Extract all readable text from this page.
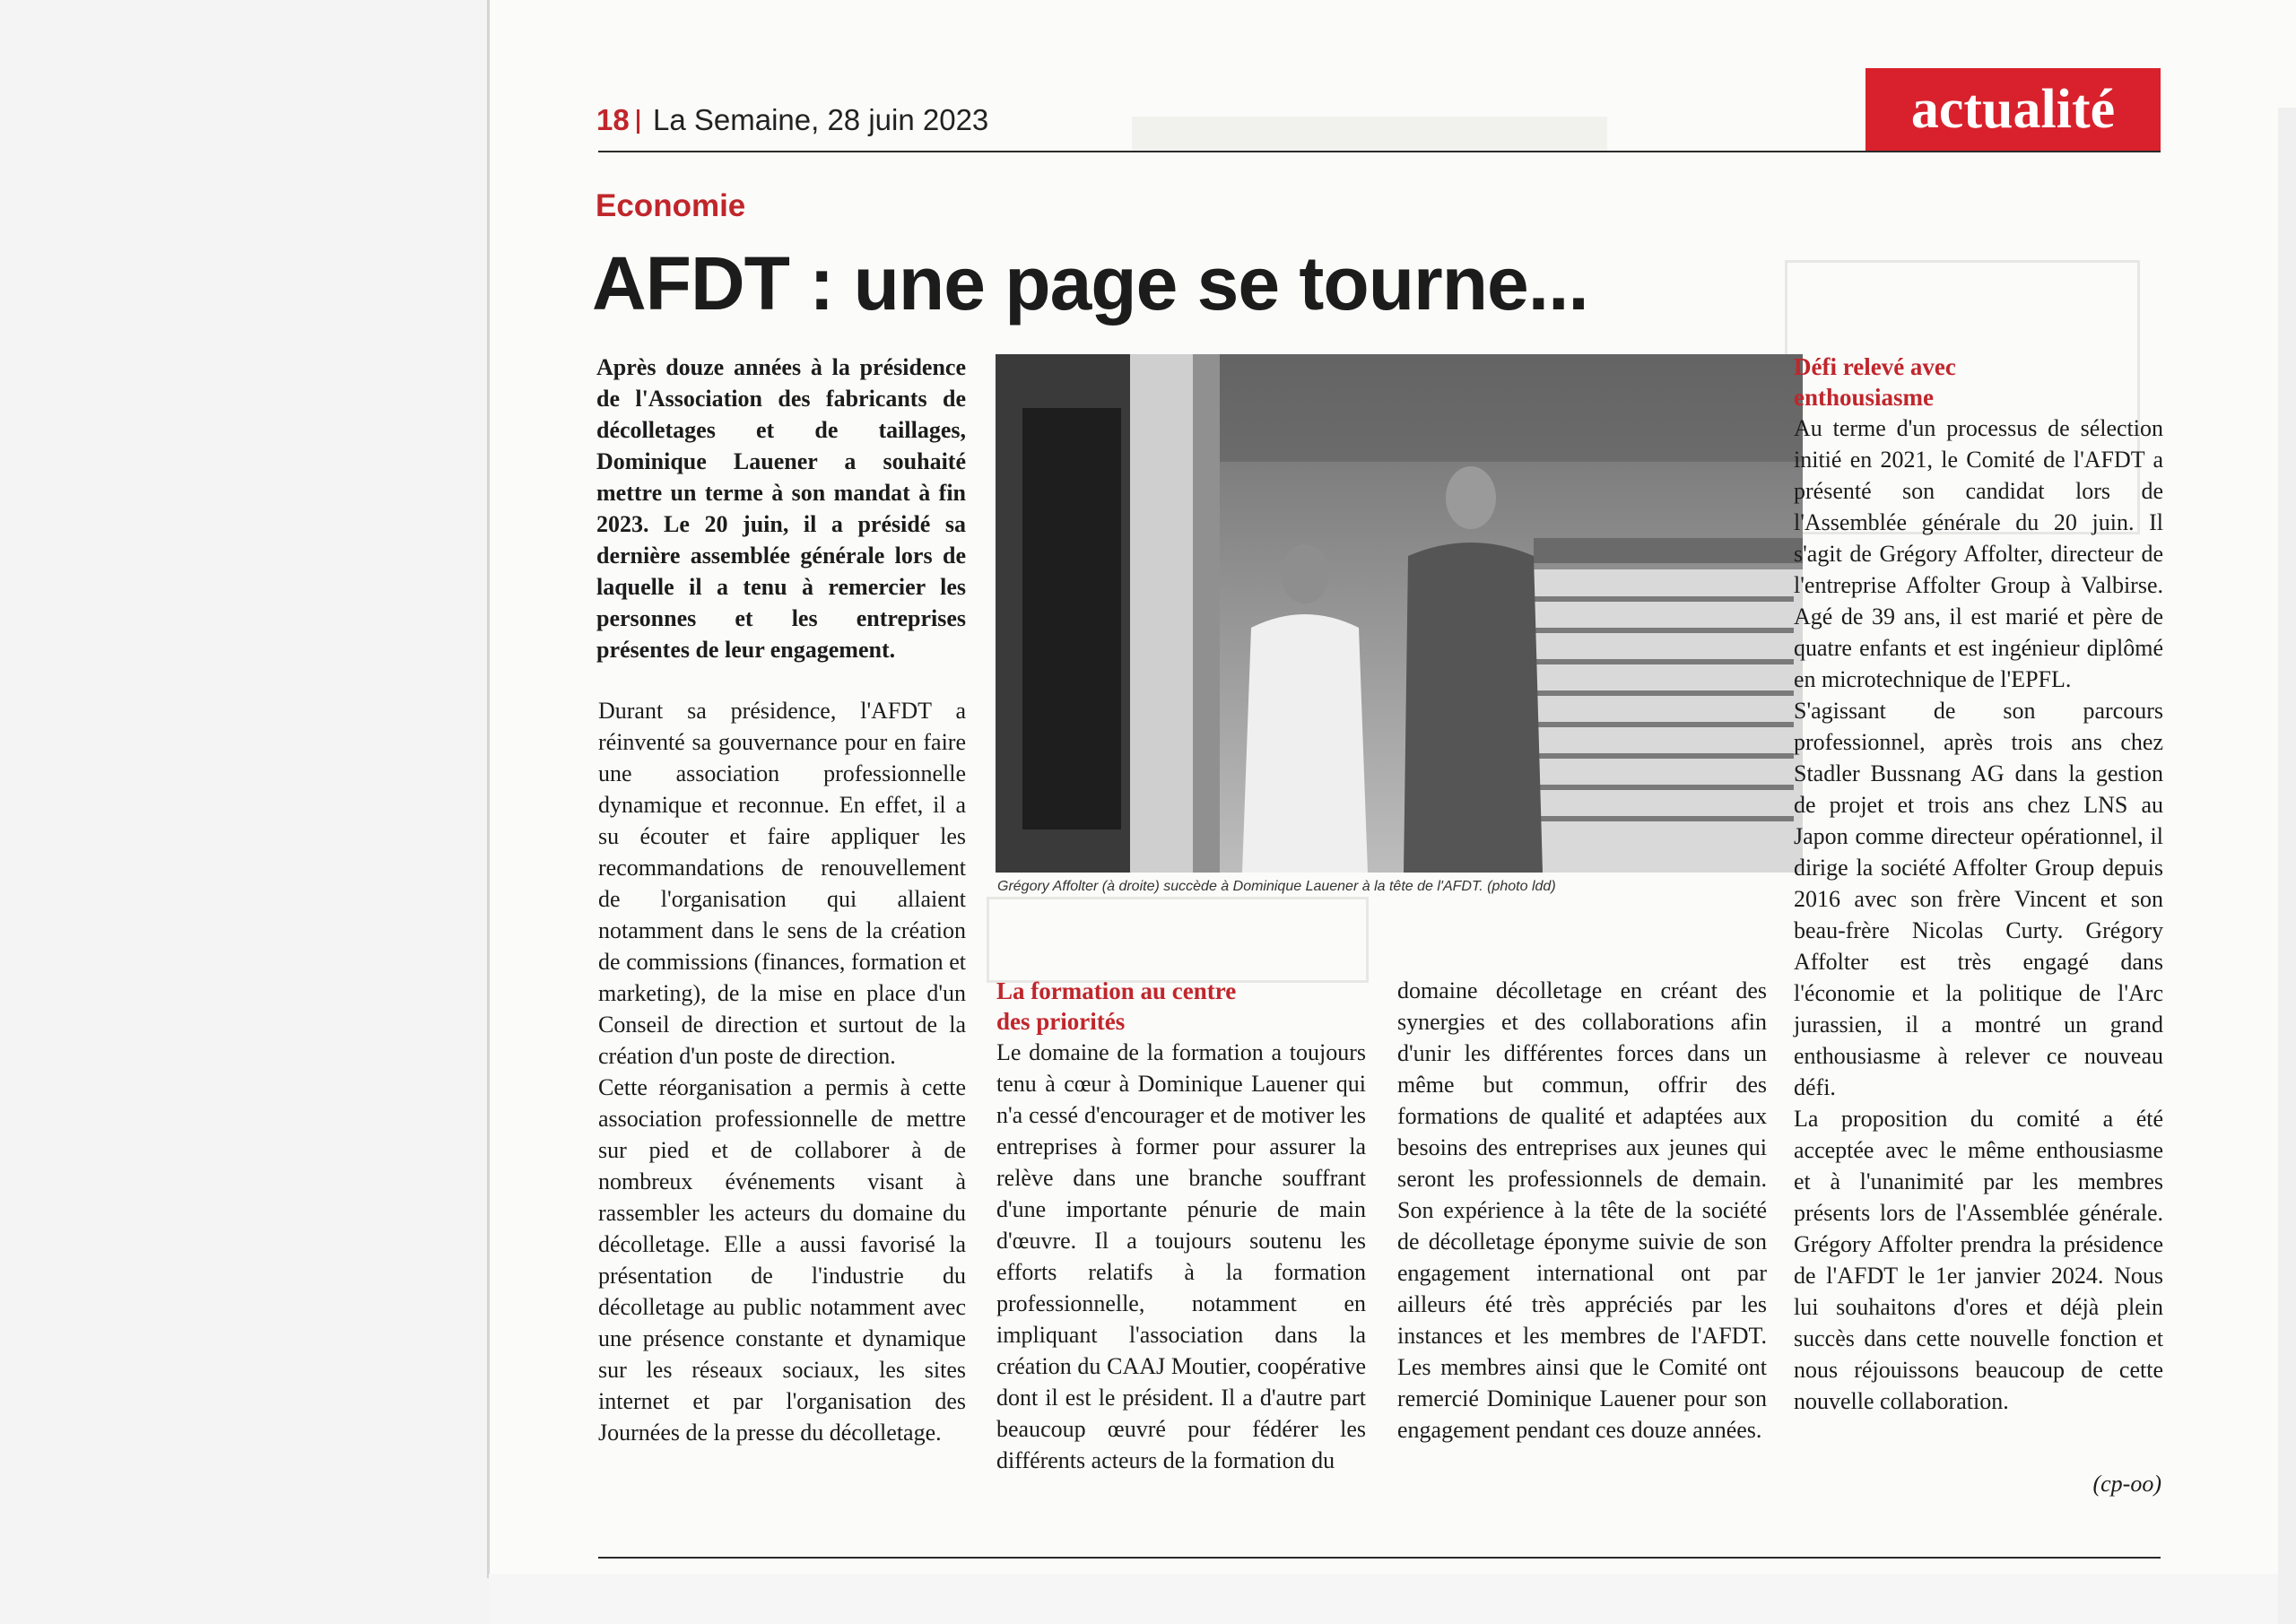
18 La Semaine, 28 juin 2023	actualité
Economie
AFDT : une page se tourne...
Après douze années à la présidence de l'Association des fabricants de décolletages et de taillages, Dominique Lauener a souhaité mettre un terme à son mandat à fin 2023. Le 20 juin, il a présidé sa dernière assemblée générale lors de laquelle il a tenu à remercier les personnes et les entreprises présentes de leur engagement.
Durant sa présidence, l'AFDT a réinventé sa gouvernance pour en faire une association professionnelle dynamique et reconnue. En effet, il a su écouter et faire appliquer les recommandations de renouvellement de l'organisation qui allaient notamment dans le sens de la création de commissions (finances, formation et marketing), de la mise en place d'un Conseil de direction et surtout de la création d'un poste de direction.
Cette réorganisation a permis à cette association professionnelle de mettre sur pied et de collaborer à de nombreux événements visant à rassembler les acteurs du domaine du décolletage. Elle a aussi favorisé la présentation de l'industrie du décolletage au public notamment avec une présence constante et dynamique sur les réseaux sociaux, les sites internet et par l'organisation des Journées de la presse du décolletage.
Grégory Affolter (à droite) succède à Dominique Lauener à la tête de l'AFDT. (photo ldd)
La formation au centre des priorités
Le domaine de la formation a toujours tenu à cœur à Dominique Lauener qui n'a cessé d'encourager et de motiver les entreprises à former pour assurer la relève dans une branche souffrant d'une importante pénurie de main d'œuvre. Il a toujours soutenu les efforts relatifs à la formation professionnelle, notamment en impliquant l'association dans la création du CAAJ Moutier, coopérative dont il est le président. Il a d'autre part beaucoup œuvré pour fédérer les différents acteurs de la formation du
domaine décolletage en créant des synergies et des collaborations afin d'unir les différentes forces dans un même but commun, offrir des formations de qualité et adaptées aux besoins des entreprises aux jeunes qui seront les professionnels de demain. Son expérience à la tête de la société de décolletage éponyme suivie de son engagement international ont par ailleurs été très appréciés par les instances et les membres de l'AFDT. Les membres ainsi que le Comité ont remercié Dominique Lauener pour son engagement pendant ces douze années.
Défi relevé avec enthousiasme
Au terme d'un processus de sélection initié en 2021, le Comité de l'AFDT a présenté son candidat lors de l'Assemblée générale du 20 juin. Il s'agit de Grégory Affolter, directeur de l'entreprise Affolter Group à Valbirse. Agé de 39 ans, il est marié et père de quatre enfants et est ingénieur diplômé en microtechnique de l'EPFL.
S'agissant de son parcours professionnel, après trois ans chez Stadler Bussnang AG dans la gestion de projet et trois ans chez LNS au Japon comme directeur opérationnel, il dirige la société Affolter Group depuis 2016 avec son frère Vincent et son beau-frère Nicolas Curty. Grégory Affolter est très engagé dans l'économie et la politique de l'Arc jurassien, il a montré un grand enthousiasme à relever ce nouveau défi.
La proposition du comité a été acceptée avec le même enthousiasme et à l'unanimité par les membres présents lors de l'Assemblée générale. Grégory Affolter prendra la présidence de l'AFDT le 1er janvier 2024. Nous lui souhaitons d'ores et déjà plein succès dans cette nouvelle fonction et nous réjouissons beaucoup de cette nouvelle collaboration.
(cp-oo)
